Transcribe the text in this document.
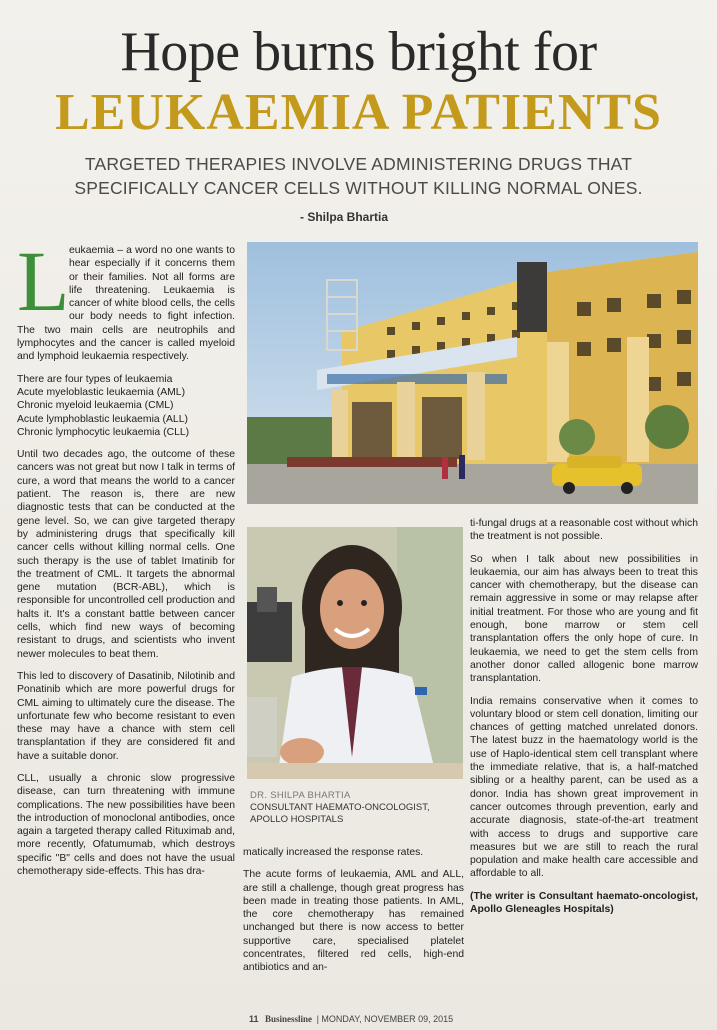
Hope burns bright for
LEUKAEMIA PATIENTS
TARGETED THERAPIES INVOLVE ADMINISTERING DRUGS THAT SPECIFICALLY CANCER CELLS WITHOUT KILLING NORMAL ONES.
- Shilpa Bhartia

Leukaemia – a word no one wants to hear especially if it concerns them or their families. Not all forms are life threatening. Leukaemia is cancer of white blood cells, the cells our body needs to fight infection. The two main cells are neutrophils and lymphocytes and the cancer is called myeloid and lymphoid leukaemia respectively.

There are four types of leukaemia
Acute myeloblastic leukaemia (AML)
Chronic myeloid leukaemia (CML)
Acute lymphoblastic leukaemia (ALL)
Chronic lymphocytic leukaemia (CLL)

Until two decades ago, the outcome of these cancers was not great but now I talk in terms of cure, a word that means the world to a cancer patient. The reason is, there are new diagnostic tests that can be conducted at the gene level. So, we can give targeted therapy by administering drugs that specifically kill cancer cells without killing normal cells. One such therapy is the use of tablet Imatinib for the treatment of CML. It targets the abnormal gene mutation (BCR-ABL), which is responsible for uncontrolled cell production and halts it. It's a constant battle between cancer cells, which find new ways of becoming resistant to drugs, and scientists who invent newer molecules to beat them.

This led to discovery of Dasatinib, Nilotinib and Ponatinib which are more powerful drugs for CML aiming to ultimately cure the disease. The unfortunate few who become resistant to even these may have a chance with stem cell transplantation if they are considered fit and have a suitable donor.

CLL, usually a chronic slow progressive disease, can turn threatening with immune complications. The new possibilities have been the introduction of monoclonal antibodies, once again a targeted therapy called Rituximab and, more recently, Ofatumumab, which destroys specific "B" cells and does not have the usual chemotherapy side-effects. This has dra-

DR. SHILPA BHARTIA
CONSULTANT HAEMATO-ONCOLOGIST,
APOLLO HOSPITALS

matically increased the response rates.

The acute forms of leukaemia, AML and ALL, are still a challenge, though great progress has been made in treating those patients. In AML, the core chemotherapy has remained unchanged but there is now access to better supportive care, specialised platelet concentrates, filtered red cells, high-end antibiotics and an-

ti-fungal drugs at a reasonable cost without which the treatment is not possible.

So when I talk about new possibilities in leukaemia, our aim has always been to treat this cancer with chemotherapy, but the disease can remain aggressive in some or may relapse after initial treatment. For those who are young and fit enough, bone marrow or stem cell transplantation offers the only hope of cure. In leukaemia, we need to get the stem cells from another donor called allogenic bone marrow transplantation.

India remains conservative when it comes to voluntary blood or stem cell donation, limiting our chances of getting matched unrelated donors. The latest buzz in the haematology world is the use of Haplo-identical stem cell transplant where the immediate relative, that is, a half-matched sibling or a healthy parent, can be used as a donor. India has shown great improvement in cancer outcomes through prevention, early and accurate diagnosis, state-of-the-art treatment with access to drugs and supportive care measures but we are still to reach the rural population and make health care accessible and affordable to all.

(The writer is Consultant haemato-oncologist, Apollo Gleneagles Hospitals)

11 Businessline | MONDAY, NOVEMBER 09, 2015
